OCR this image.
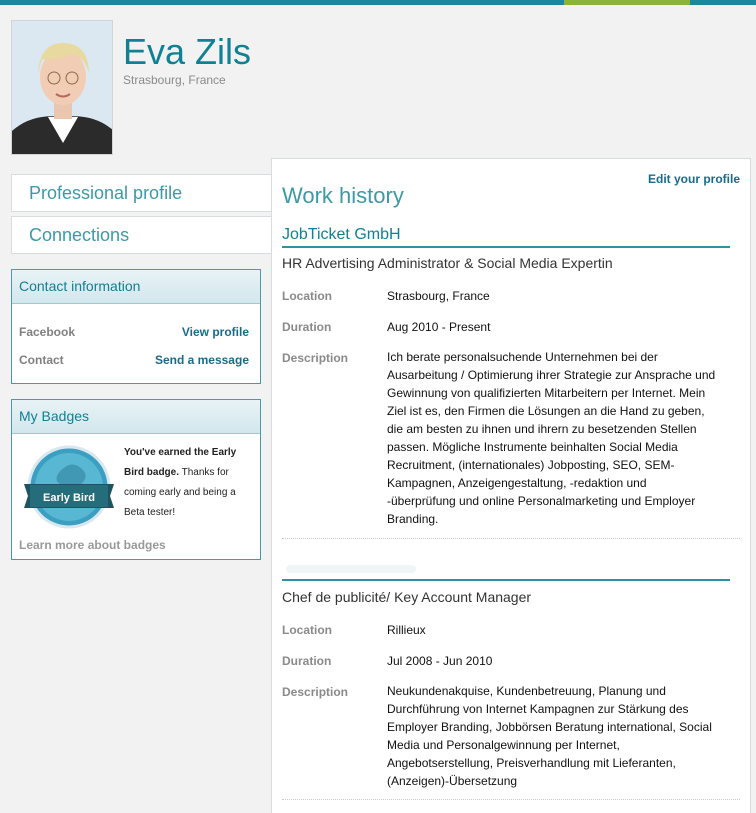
Eva Zils
Strasbourg, France
Professional profile
Connections
Contact information
Facebook	View profile
Contact	Send a message
My Badges
Early Bird
You've earned the Early Bird badge. Thanks for coming early and being a Beta tester!
Learn more about badges
Edit your profile
Work history
JobTicket GmbH
HR Advertising Administrator & Social Media Expertin
Location	Strasbourg, France
Duration	Aug 2010 - Present
Description	Ich berate personalsuchende Unternehmen bei der Ausarbeitung / Optimierung ihrer Strategie zur Ansprache und Gewinnung von qualifizierten Mitarbeitern per Internet. Mein Ziel ist es, den Firmen die Lösungen an die Hand zu geben, die am besten zu ihnen und ihrern zu besetzenden Stellen passen. Mögliche Instrumente beinhalten Social Media Recruitment, (internationales) Jobposting, SEO, SEM-Kampagnen, Anzeigengestaltung, -redaktion und -überprüfung und online Personalmarketing und Employer Branding.
Chef de publicité/ Key Account Manager
Location	Rillieux
Duration	Jul 2008 - Jun 2010
Description	Neukundenakquise, Kundenbetreuung, Planung und Durchführung von Internet Kampagnen zur Stärkung des Employer Branding, Jobbörsen Beratung international, Social Media und Personalgewinnung per Internet, Angebotserstellung, Preisverhandlung mit Lieferanten, (Anzeigen)-Übersetzung
